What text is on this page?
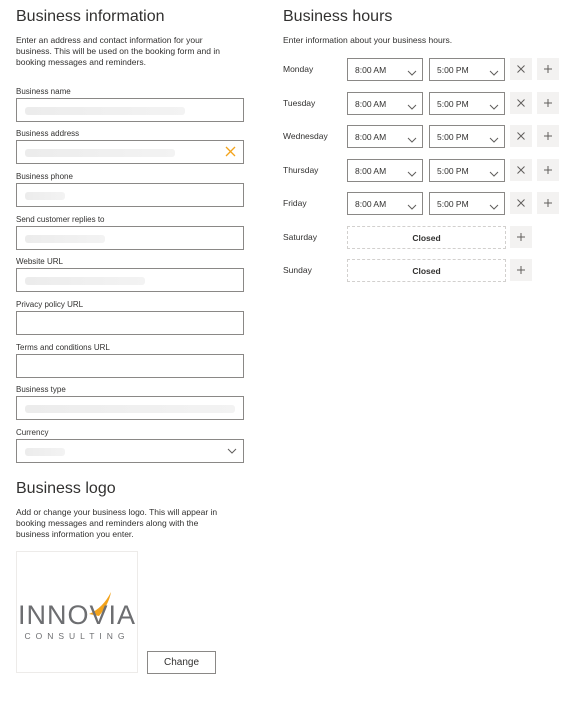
Business information
Enter an address and contact information for your
business. This will be used on the booking form and in
booking messages and reminders.
Business name
Business address
Business phone
Send customer replies to
Website URL
Privacy policy URL
Terms and conditions URL
Business type
Currency
Business logo
Add or change your business logo. This will appear in
booking messages and reminders along with the
business information you enter.
INNOVIA
CONSULTING
Change
Business hours
Enter information about your business hours.
Monday	8:00 AM	5:00 PM
Tuesday	8:00 AM	5:00 PM
Wednesday	8:00 AM	5:00 PM
Thursday	8:00 AM	5:00 PM
Friday	8:00 AM	5:00 PM
Saturday	Closed
Sunday	Closed
